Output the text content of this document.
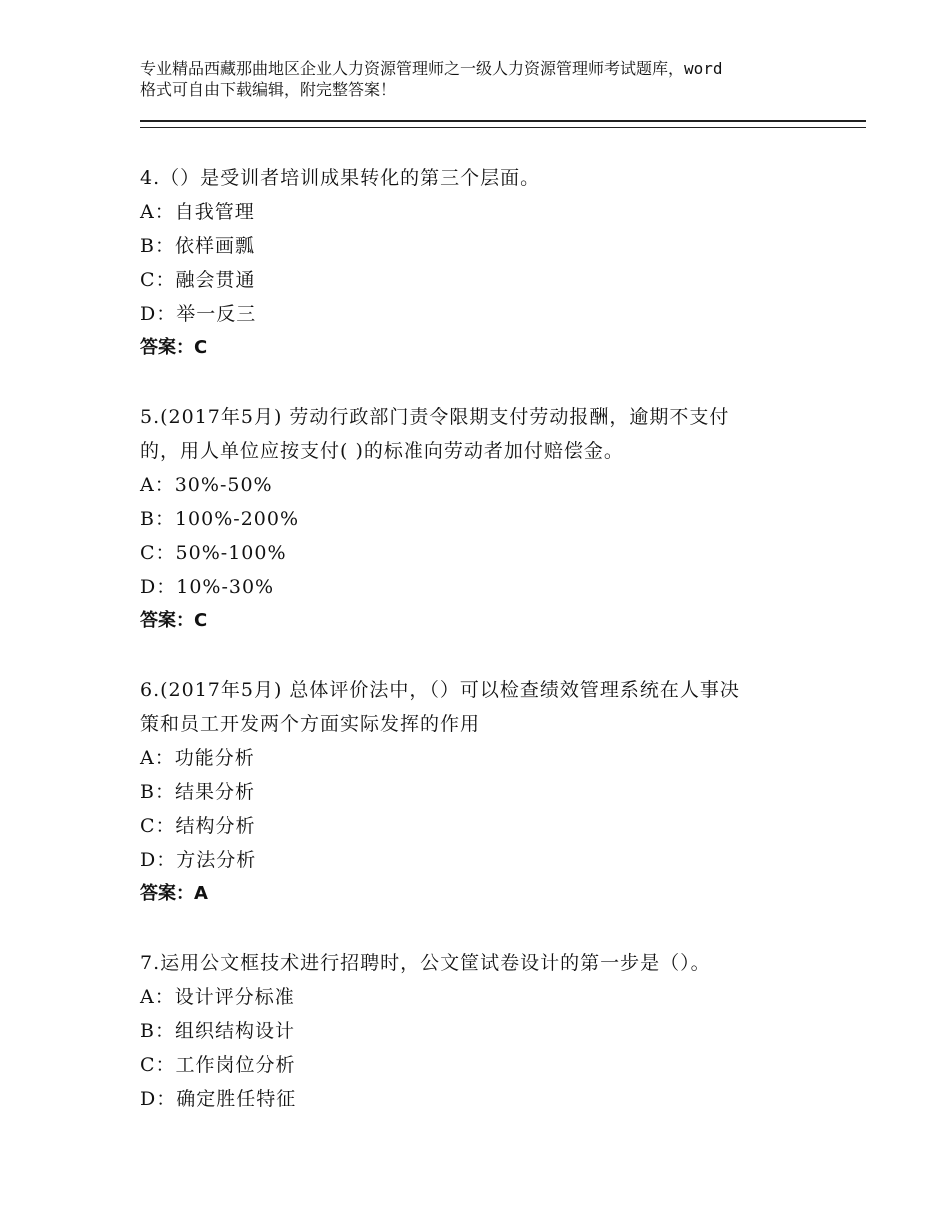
专业精品西藏那曲地区企业人力资源管理师之一级人力资源管理师考试题库，word
格式可自由下载编辑，附完整答案！
4.（）是受训者培训成果转化的第三个层面。
A：自我管理
B：依样画瓢
C：融会贯通
D：举一反三
答案：C
5.(2017年5月) 劳动行政部门责令限期支付劳动报酬，逾期不支付
的，用人单位应按支付( )的标准向劳动者加付赔偿金。
A：30%-50%
B：100%-200%
C：50%-100%
D：10%-30%
答案：C
6.(2017年5月) 总体评价法中，（）可以检查绩效管理系统在人事决
策和员工开发两个方面实际发挥的作用
A：功能分析
B：结果分析
C：结构分析
D：方法分析
答案：A
7.运用公文框技术进行招聘时，公文筐试卷设计的第一步是（）。
A：设计评分标准
B：组织结构设计
C：工作岗位分析
D：确定胜任特征
